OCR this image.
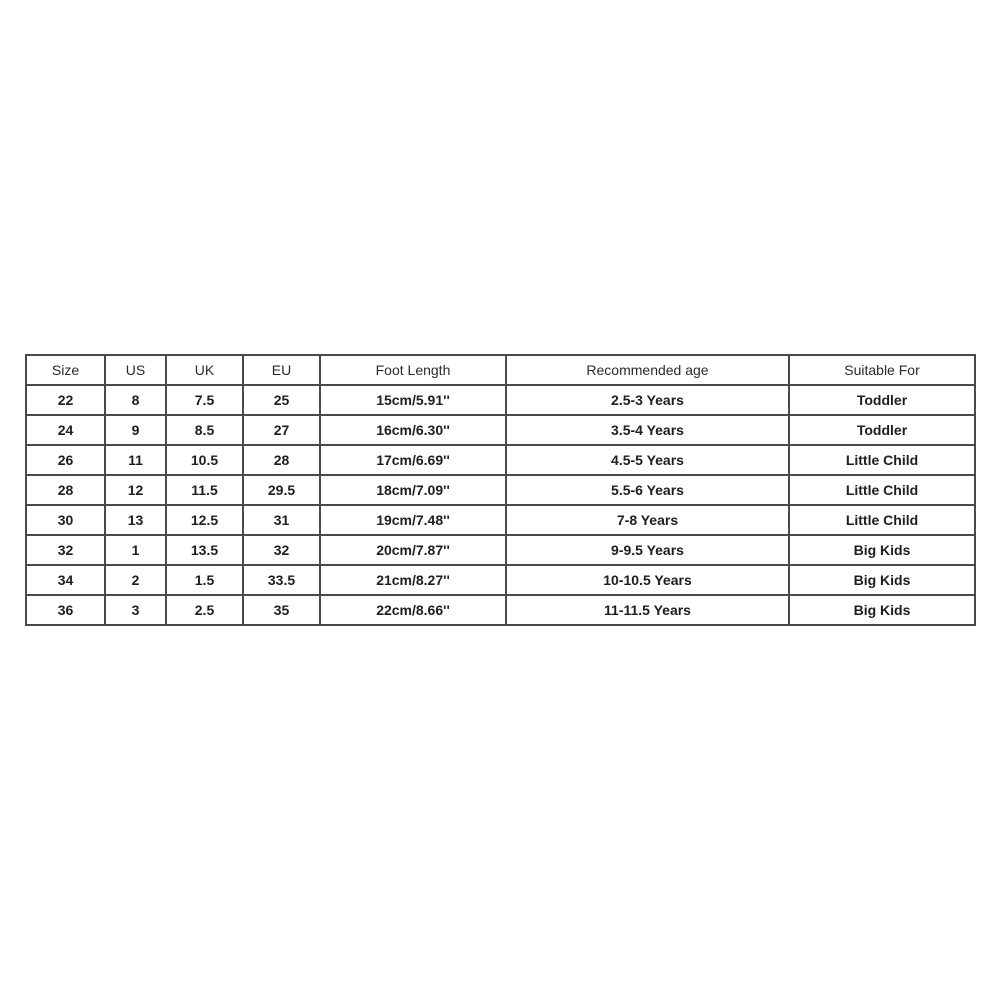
Size	US	UK	EU	Foot Length	Recommended age	Suitable For
22	8	7.5	25	15cm/5.91''	2.5-3 Years	Toddler
24	9	8.5	27	16cm/6.30''	3.5-4 Years	Toddler
26	11	10.5	28	17cm/6.69''	4.5-5 Years	Little Child
28	12	11.5	29.5	18cm/7.09''	5.5-6 Years	Little Child
30	13	12.5	31	19cm/7.48''	7-8 Years	Little Child
32	1	13.5	32	20cm/7.87''	9-9.5 Years	Big Kids
34	2	1.5	33.5	21cm/8.27''	10-10.5 Years	Big Kids
36	3	2.5	35	22cm/8.66''	11-11.5 Years	Big Kids
